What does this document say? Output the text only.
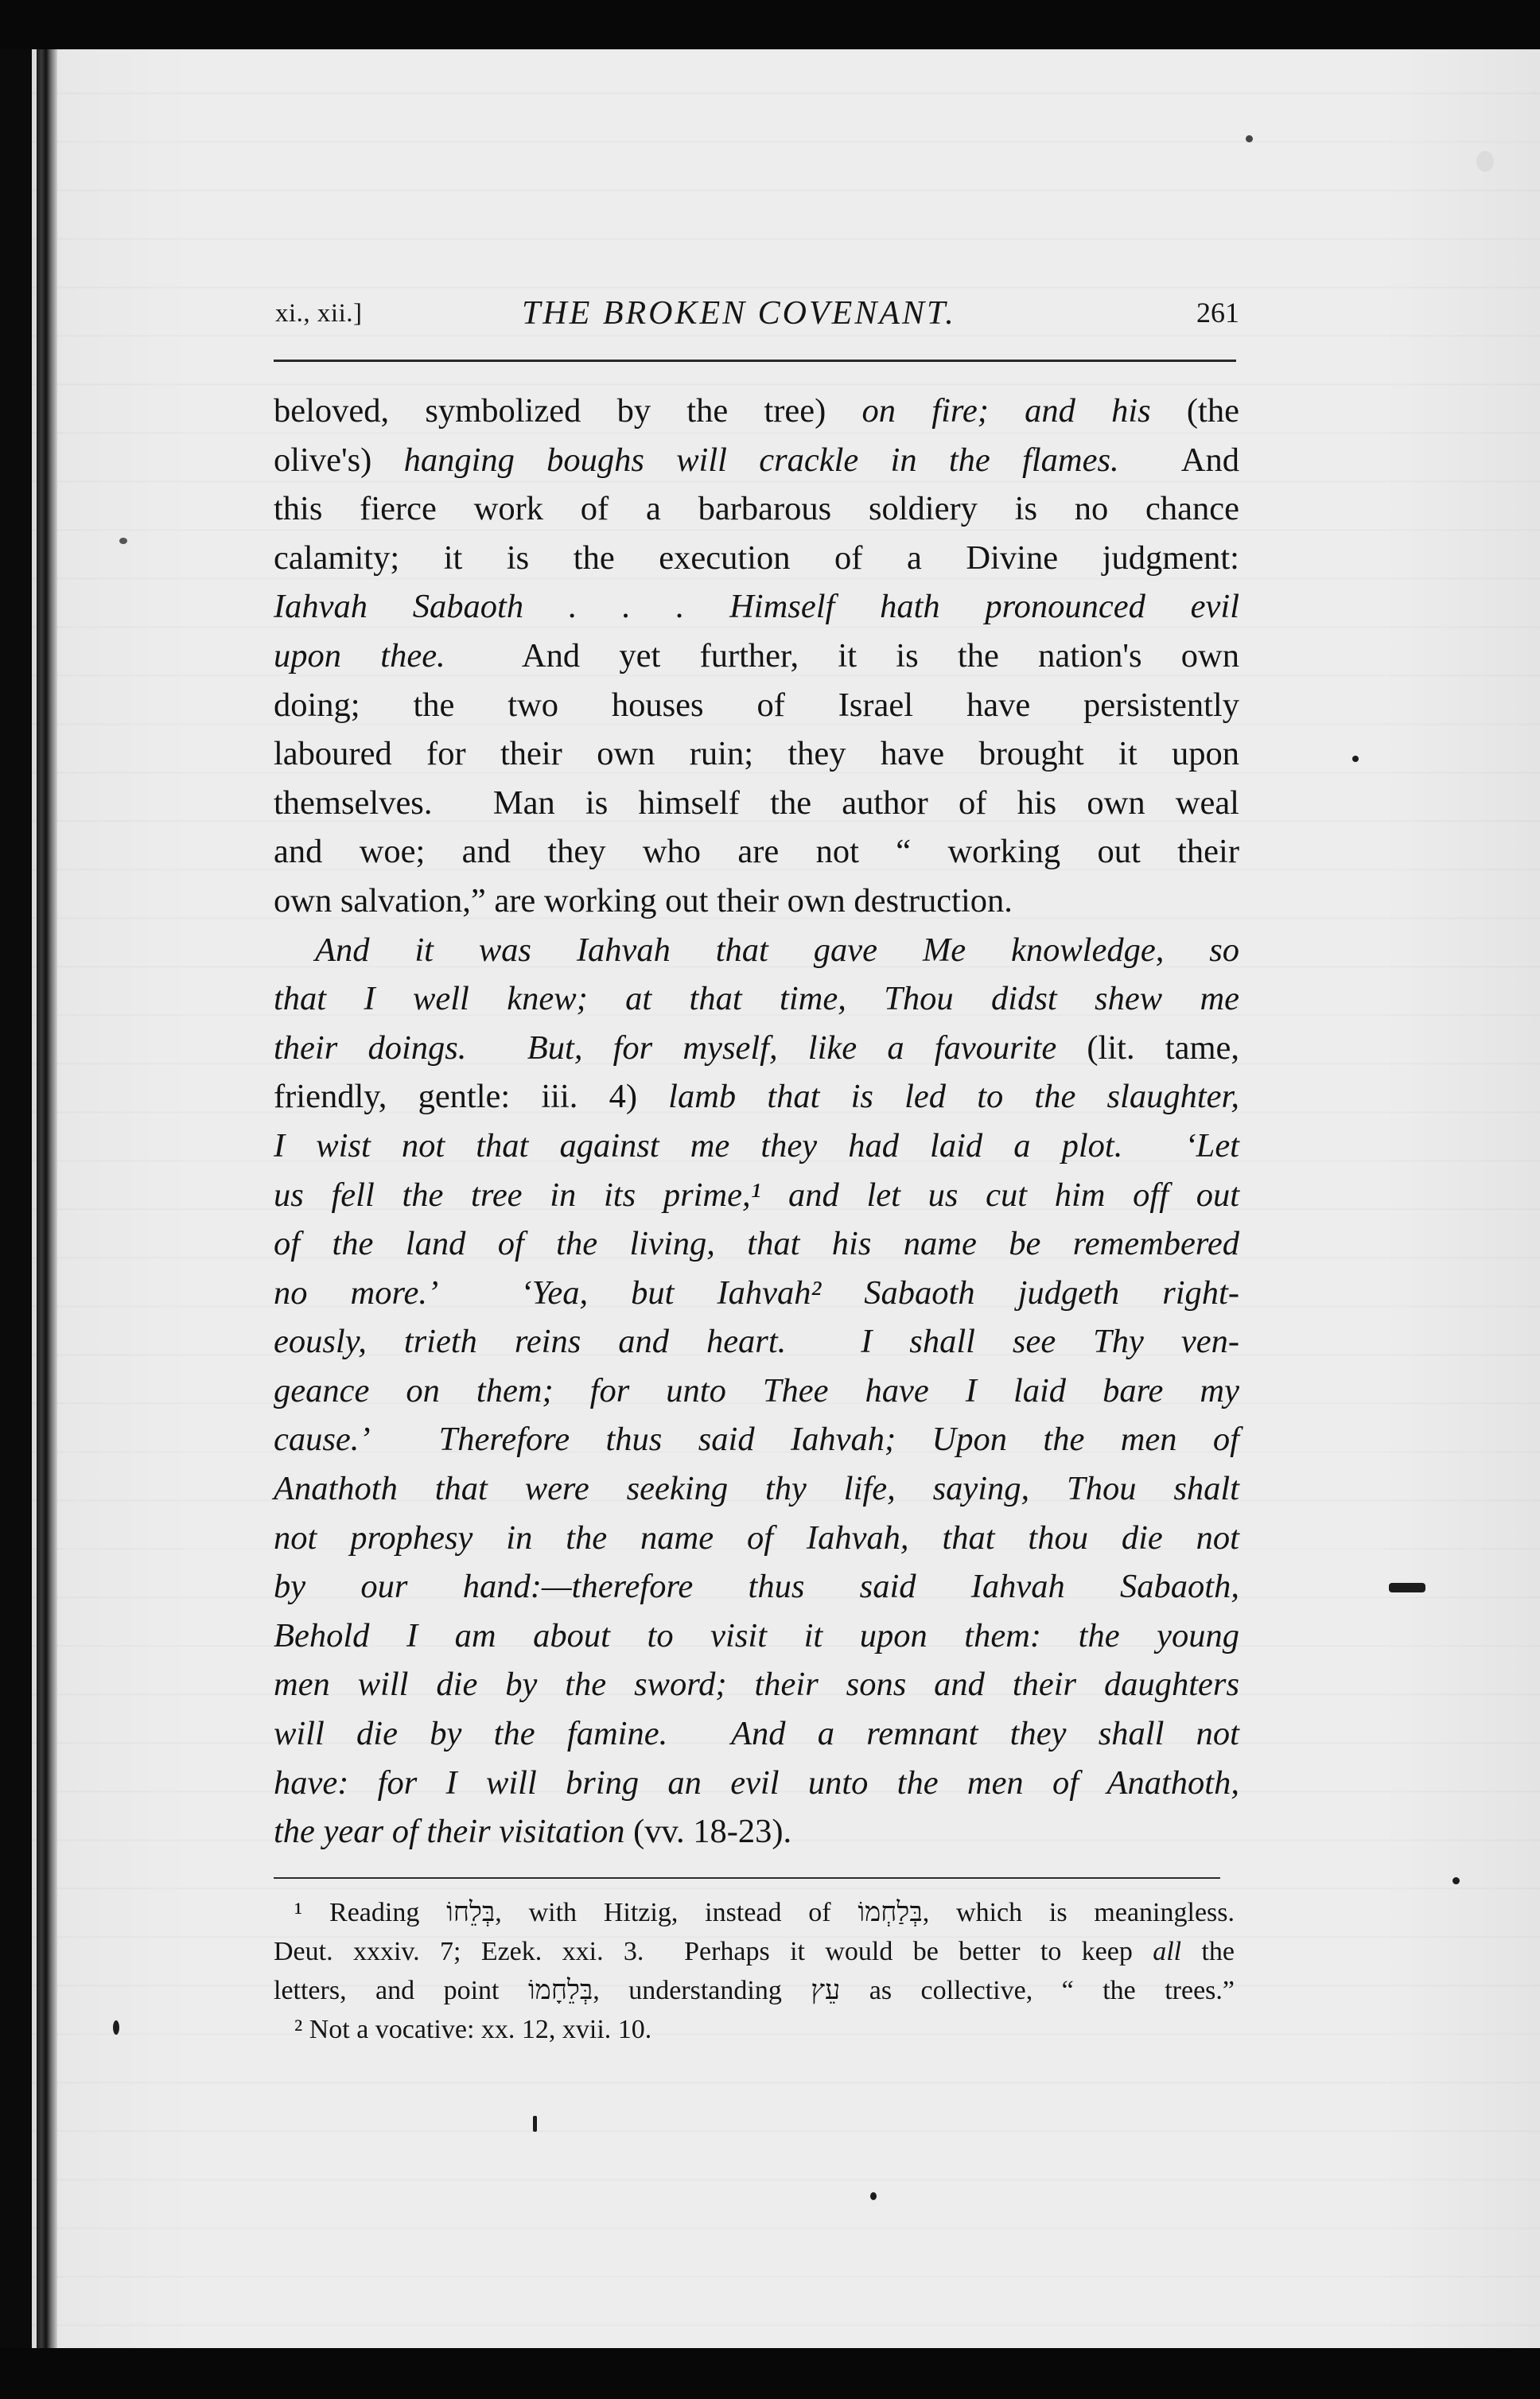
xi., xii.]	THE BROKEN COVENANT.	261
beloved, symbolized by the tree) on fire; and his (the
olive's) hanging boughs will crackle in the flames.  And
this fierce work of a barbarous soldiery is no chance
calamity; it is the execution of a Divine judgment:
Iahvah Sabaoth . . . Himself hath pronounced evil
upon thee.  And yet further, it is the nation's own
doing; the two houses of Israel have persistently
laboured for their own ruin; they have brought it upon
themselves.  Man is himself the author of his own weal
and woe; and they who are not “ working out their
own salvation,” are working out their own destruction.
And it was Iahvah that gave Me knowledge, so
that I well knew; at that time, Thou didst shew me
their doings.  But, for myself, like a favourite (lit. tame,
friendly, gentle: iii. 4) lamb that is led to the slaughter,
I wist not that against me they had laid a plot.  ‘Let
us fell the tree in its prime,¹ and let us cut him off out
of the land of the living, that his name be remembered
no more.’  ‘Yea, but Iahvah² Sabaoth judgeth right-
eously, trieth reins and heart.  I shall see Thy ven-
geance on them; for unto Thee have I laid bare my
cause.’  Therefore thus said Iahvah; Upon the men of
Anathoth that were seeking thy life, saying, Thou shalt
not prophesy in the name of Iahvah, that thou die not
by our hand:—therefore thus said Iahvah Sabaoth,
Behold I am about to visit it upon them: the young
men will die by the sword; their sons and their daughters
will die by the famine.  And a remnant they shall not
have: for I will bring an evil unto the men of Anathoth,
the year of their visitation (vv. 18-23).
¹ Reading בְּלֵחוֹ, with Hitzig, instead of בְּלַחְמוֹ, which is meaningless.
Deut. xxxiv. 7; Ezek. xxi. 3.  Perhaps it would be better to keep all the
letters, and point בְּלֵחָמוֹ, understanding עֵץ as collective, “ the trees.”
² Not a vocative: xx. 12, xvii. 10.
